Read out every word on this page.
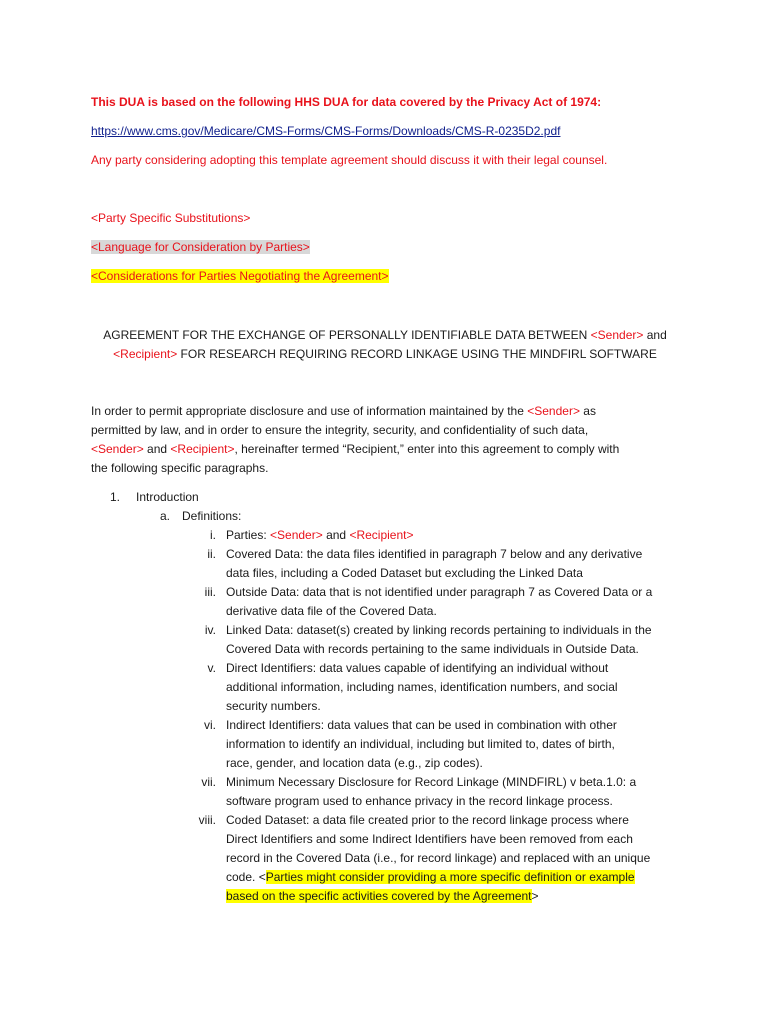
This DUA is based on the following HHS DUA for data covered by the Privacy Act of 1974:
https://www.cms.gov/Medicare/CMS-Forms/CMS-Forms/Downloads/CMS-R-0235D2.pdf
Any party considering adopting this template agreement should discuss it with their legal counsel.
<Party Specific Substitutions>
<Language for Consideration by Parties>
<Considerations for Parties Negotiating the Agreement>
AGREEMENT FOR THE EXCHANGE OF PERSONALLY IDENTIFIABLE DATA BETWEEN <Sender> and
<Recipient> FOR RESEARCH REQUIRING RECORD LINKAGE USING THE MINDFIRL SOFTWARE
In order to permit appropriate disclosure and use of information maintained by the <Sender> as
permitted by law, and in order to ensure the integrity, security, and confidentiality of such data,
<Sender> and <Recipient>, hereinafter termed “Recipient,” enter into this agreement to comply with
the following specific paragraphs.
1. Introduction
a. Definitions:
i. Parties: <Sender> and <Recipient>
ii. Covered Data: the data files identified in paragraph 7 below and any derivative
data files, including a Coded Dataset but excluding the Linked Data
iii. Outside Data: data that is not identified under paragraph 7 as Covered Data or a
derivative data file of the Covered Data.
iv. Linked Data: dataset(s) created by linking records pertaining to individuals in the
Covered Data with records pertaining to the same individuals in Outside Data.
v. Direct Identifiers: data values capable of identifying an individual without
additional information, including names, identification numbers, and social
security numbers.
vi. Indirect Identifiers: data values that can be used in combination with other
information to identify an individual, including but limited to, dates of birth,
race, gender, and location data (e.g., zip codes).
vii. Minimum Necessary Disclosure for Record Linkage (MINDFIRL) v beta.1.0: a
software program used to enhance privacy in the record linkage process.
viii. Coded Dataset: a data file created prior to the record linkage process where
Direct Identifiers and some Indirect Identifiers have been removed from each
record in the Covered Data (i.e., for record linkage) and replaced with an unique
code. <Parties might consider providing a more specific definition or example
based on the specific activities covered by the Agreement>
